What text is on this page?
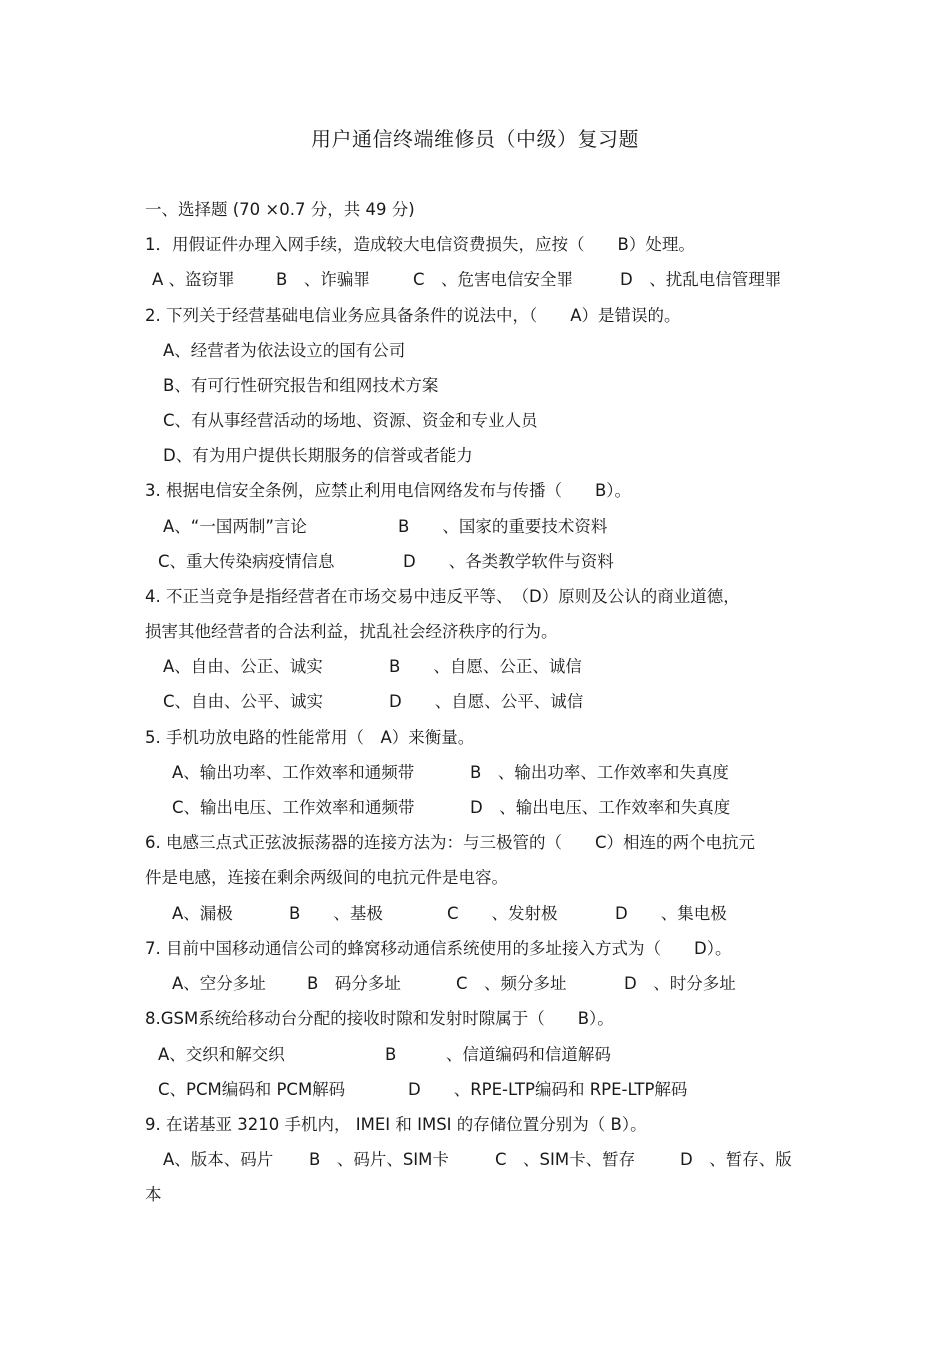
用户通信终端维修员（中级）复习题
一、选择题 (70 ×0.7 分，共 49 分)
1．用假证件办理入网手续，造成较大电信资费损失，应按（　　B）处理。
A 、盗窃罪	B　、诈骗罪	C　、危害电信安全罪	D　、扰乱电信管理罪
2. 下列关于经营基础电信业务应具备条件的说法中，（　　A）是错误的。
A、经营者为依法设立的国有公司
B、有可行性研究报告和组网技术方案
C、有从事经营活动的场地、资源、资金和专业人员
D、有为用户提供长期服务的信誉或者能力
3. 根据电信安全条例，应禁止利用电信网络发布与传播（　　B）。
A、“一国两制”言论	B　　、国家的重要技术资料
C、重大传染病疫情信息	D　　、各类教学软件与资料
4. 不正当竞争是指经营者在市场交易中违反平等、　（D）原则及公认的商业道德，
损害其他经营者的合法利益，扰乱社会经济秩序的行为。
A、自由、公正、诚实	B　　、自愿、公正、诚信
C、自由、公平、诚实	D　　、自愿、公平、诚信
5. 手机功放电路的性能常用（　A）来衡量。
A、输出功率、工作效率和通频带	B　、输出功率、工作效率和失真度
C、输出电压、工作效率和通频带	D　、输出电压、工作效率和失真度
6. 电感三点式正弦波振荡器的连接方法为：与三极管的（　　C）相连的两个电抗元
件是电感，连接在剩余两级间的电抗元件是电容。
A、漏极	B　　、基极	C　　、发射极	D　　、集电极
7. 目前中国移动通信公司的蜂窝移动通信系统使用的多址接入方式为（　　D）。
A、空分多址 B　码分多址	C　、频分多址	D　、时分多址
8.GSM系统给移动台分配的接收时隙和发射时隙属于（　　B）。
A、交织和解交织	B　　　、信道编码和信道解码
C、PCM编码和 PCM解码	D　　、RPE-LTP编码和 RPE-LTP解码
9. 在诺基亚 3210 手机内， IMEI 和 IMSI 的存储位置分别为（ B）。
A、版本、码片 B　、码片、SIM卡	C　、SIM卡、暂存	D　、暂存、版
本
